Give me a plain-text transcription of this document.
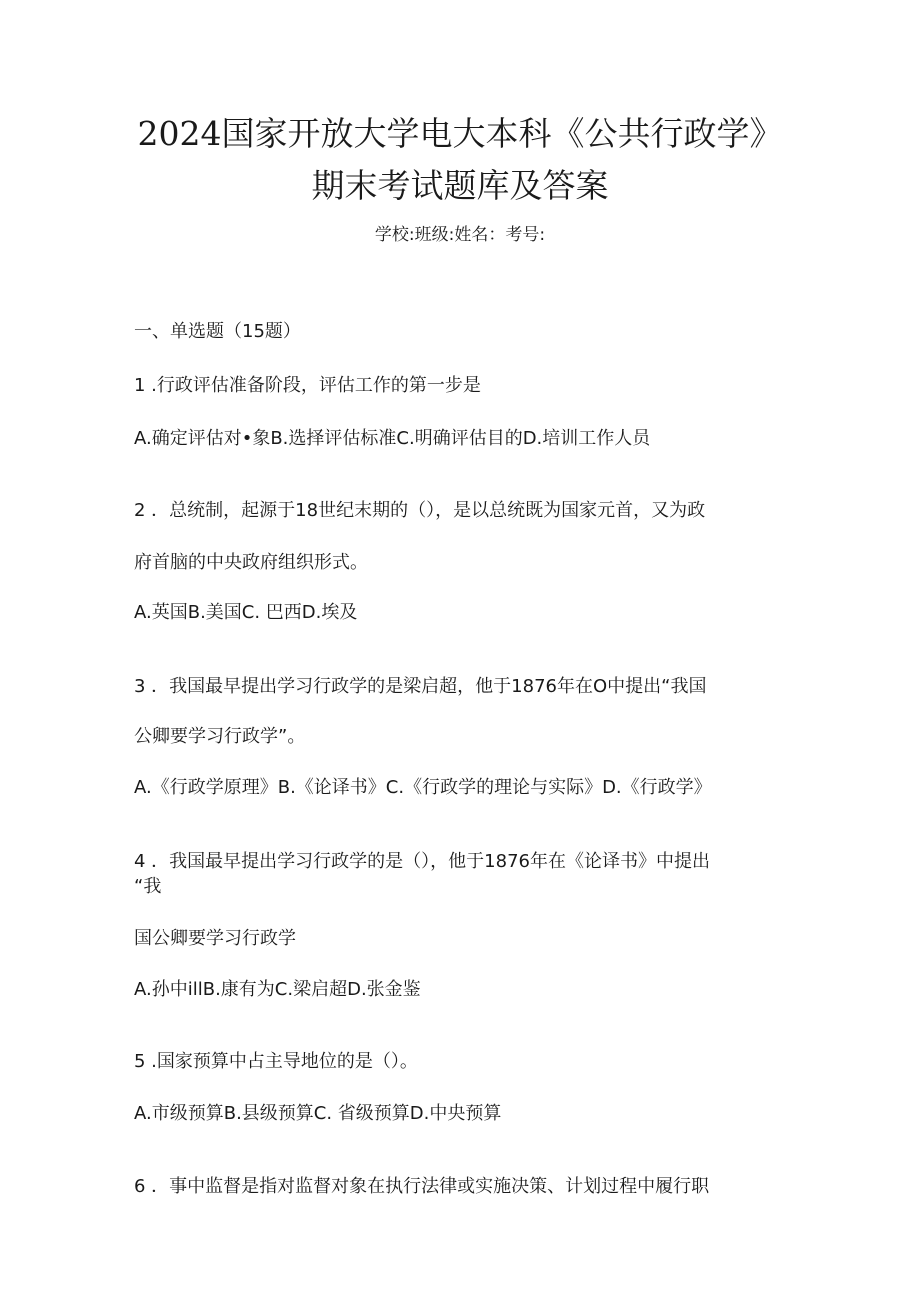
2024国家开放大学电大本科《公共行政学》
期末考试题库及答案
学校:班级:姓名：考号:
一、单选题（15题）
1 .行政评估准备阶段，评估工作的第一步是
A.确定评估对•象B.选择评估标准C.明确评估目的D.培训工作人员
2 ．总统制，起源于18世纪末期的（），是以总统既为国家元首，又为政
府首脑的中央政府组织形式。
A.英国B.美国C. 巴西D.埃及
3 ．我国最早提出学习行政学的是梁启超，他于1876年在O中提出“我国
公卿要学习行政学”。
A.《行政学原理》B.《论译书》C.《行政学的理论与实际》D.《行政学》
4 ．我国最早提出学习行政学的是（），他于1876年在《论译书》中提出
“我
国公卿要学习行政学
A.孙中illB.康有为C.梁启超D.张金鉴
5 .国家预算中占主导地位的是（）。
A.市级预算B.县级预算C. 省级预算D.中央预算
6 ．事中监督是指对监督对象在执行法律或实施决策、计划过程中履行职
